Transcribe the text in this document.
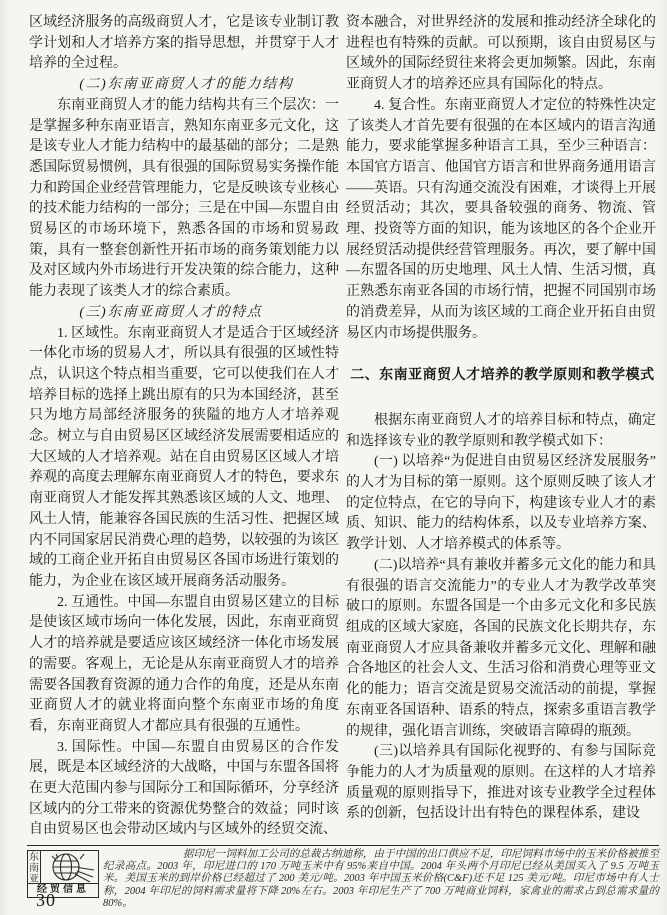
区域经济服务的高级商贸人才，它是该专业制订教学计划和人才培养方案的指导思想，并贯穿于人才培养的全过程。

(二)东南亚商贸人才的能力结构

东南亚商贸人才的能力结构共有三个层次：一是掌握多种东南亚语言，熟知东南亚多元文化，这是该专业人才能力结构中的最基础的部分；二是熟悉国际贸易惯例，具有很强的国际贸易实务操作能力和跨国企业经营管理能力，它是反映该专业核心的技术能力结构的一部分；三是在中国—东盟自由贸易区的市场环境下，熟悉各国的市场和贸易政策，具有一整套创新性开拓市场的商务策划能力以及对区域内外市场进行开发决策的综合能力，这种能力表现了该类人才的综合素质。

(三)东南亚商贸人才的特点

1. 区域性。东南亚商贸人才是适合于区域经济一体化市场的贸易人才，所以具有很强的区域性特点，认识这个特点相当重要，它可以使我们在人才培养目标的选择上跳出原有的只为本国经济，甚至只为地方局部经济服务的狭隘的地方人才培养观念。树立与自由贸易区区域经济发展需要相适应的大区域的人才培养观。站在自由贸易区区域人才培养观的高度去理解东南亚商贸人才的特色，要求东南亚商贸人才能发挥其熟悉该区域的人文、地理、风土人情，能兼容各国民族的生活习性、把握区域内不同国家居民消费心理的趋势，以较强的为该区域的工商企业开拓自由贸易区各国市场进行策划的能力，为企业在该区域开展商务活动服务。

2. 互通性。中国—东盟自由贸易区建立的目标是使该区域市场向一体化发展，因此，东南亚商贸人才的培养就是要适应该区域经济一体化市场发展的需要。客观上，无论是从东南亚商贸人才的培养需要各国教育资源的通力合作的角度，还是从东南亚商贸人才的就业将面向整个东南亚市场的角度看，东南亚商贸人才都应具有很强的互通性。

3. 国际性。中国—东盟自由贸易区的合作发展，既是本区域经济的大战略，中国与东盟各国将在更大范围内参与国际分工和国际循环，分享经济区域内的分工带来的资源优势整合的效益；同时该自由贸易区也会带动区域内与区域外的经贸交流、

资本融合，对世界经济的发展和推动经济全球化的进程也有特殊的贡献。可以预期，该自由贸易区与区域外的国际经贸往来将会更加频繁。因此，东南亚商贸人才的培养还应具有国际化的特点。

4. 复合性。东南亚商贸人才定位的特殊性决定了该类人才首先要有很强的在本区域内的语言沟通能力，要求能掌握多种语言工具，至少三种语言：本国官方语言、他国官方语言和世界商务通用语言——英语。只有沟通交流没有困难，才谈得上开展经贸活动；其次，要具备较强的商务、物流、管理、投资等方面的知识，能为该地区的各个企业开展经贸活动提供经营管理服务。再次，要了解中国—东盟各国的历史地理、风土人情、生活习惯，真正熟悉东南亚各国的市场行情，把握不同国别市场的消费差异，从而为该区域的工商企业开拓自由贸易区内市场提供服务。

二、东南亚商贸人才培养的教学原则和教学模式

根据东南亚商贸人才的培养目标和特点，确定和选择该专业的教学原则和教学模式如下：

(一) 以培养“为促进自由贸易区经济发展服务”的人才为目标的第一原则。这个原则反映了该人才的定位特点，在它的导向下，构建该专业人才的素质、知识、能力的结构体系，以及专业培养方案、教学计划、人才培养模式的体系等。

(二)以培养“具有兼收并蓄多元文化的能力和具有很强的语言交流能力”的专业人才为教学改革突破口的原则。东盟各国是一个由多元文化和多民族组成的区域大家庭，各国的民族文化长期共存，东南亚商贸人才应具备兼收并蓄多元文化、理解和融合各地区的社会人文、生活习俗和消费心理等亚文化的能力；语言交流是贸易交流活动的前提，掌握东南亚各国语种、语系的特点，探索多重语言教学的规律，强化语言训练，突破语言障碍的瓶颈。

(三)以培养具有国际化视野的、有参与国际竞争能力的人才为质量观的原则。在这样的人才培养质量观的原则指导下，推进对该专业教学全过程体系的创新，包括设计出有特色的课程体系，建设

东南亚
经贸信息
据印尼一饲料加工公司的总裁古纳迪称，由于中国的出口供应不足，印尼饲料市场中的玉米价格被推至纪录高点。2003 年，印尼进口的 170 万吨玉米中有 95%来自中国。2004 年头两个月印尼已经从美国买入了 9.5 万吨玉米。美国玉米的到岸价格已经超过了 200 美元/吨。2003 年中国玉米价格(C&F)还不足 125 美元/吨。印尼市场中有人士称，2004 年印尼的饲料需求量将下降 20%左右。2003 年印尼生产了 700 万吨商业饲料，家禽业的需求占到总需求量的 80%。
30
